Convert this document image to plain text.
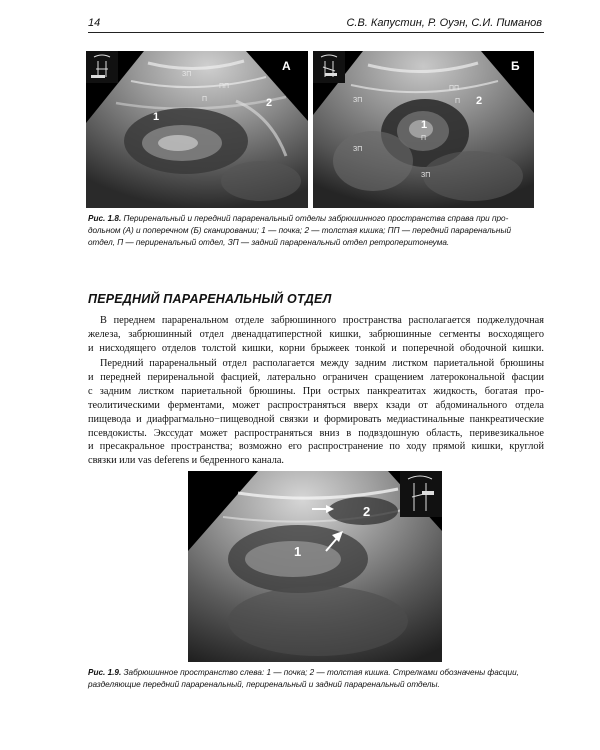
14	С.В. Капустин, Р. Оуэн, С.И. Пиманов
А
ЗП
ПП
П
1
2
Б
ЗП
ПП
П
1
2
П
ЗП
ЗП
Рис. 1.8. Периренальный и передний параренальный отделы забрюшинного пространства справа при про-
дольном (А) и поперечном (Б) сканировании; 1 — почка; 2 — толстая кишка; ПП — передний параренальный
отдел, П — периренальный отдел, ЗП — задний параренальный отдел ретроперитонеума.
ПЕРЕДНИЙ ПАРАРЕНАЛЬНЫЙ ОТДЕЛ
В переднем параренальном отделе забрюшинного пространства располагается поджелудочная
железа, забрюшинный отдел двенадцатиперстной кишки, забрюшинные сегменты восходящего
и нисходящего отделов толстой кишки, корни брыжеек тонкой и поперечной ободочной кишки.
Передний параренальный отдел располагается между задним листком париетальной брюшины
и передней периренальной фасцией, латерально ограничен сращением латерокональной фасции
с задним листком париетальной брюшины. При острых панкреатитах жидкость, богатая про-
теолитическими ферментами, может распространяться вверх кзади от абдоминального отдела
пищевода и диафрагмально−пищеводной связки и формировать медиастинальные панкреатические
псевдокисты. Экссудат может распространяться вниз в подвздошную область, перивезикальное
и пресакральное пространства; возможно его распространение по ходу прямой кишки, круглой
связки или vas deferens и бедренного канала.
1
2
Рис. 1.9. Забрюшинное пространство слева: 1 — почка; 2 — толстая кишка. Стрелками обозначены фасции,
разделяющие передний параренальный, периренальный и задний параренальный отделы.
